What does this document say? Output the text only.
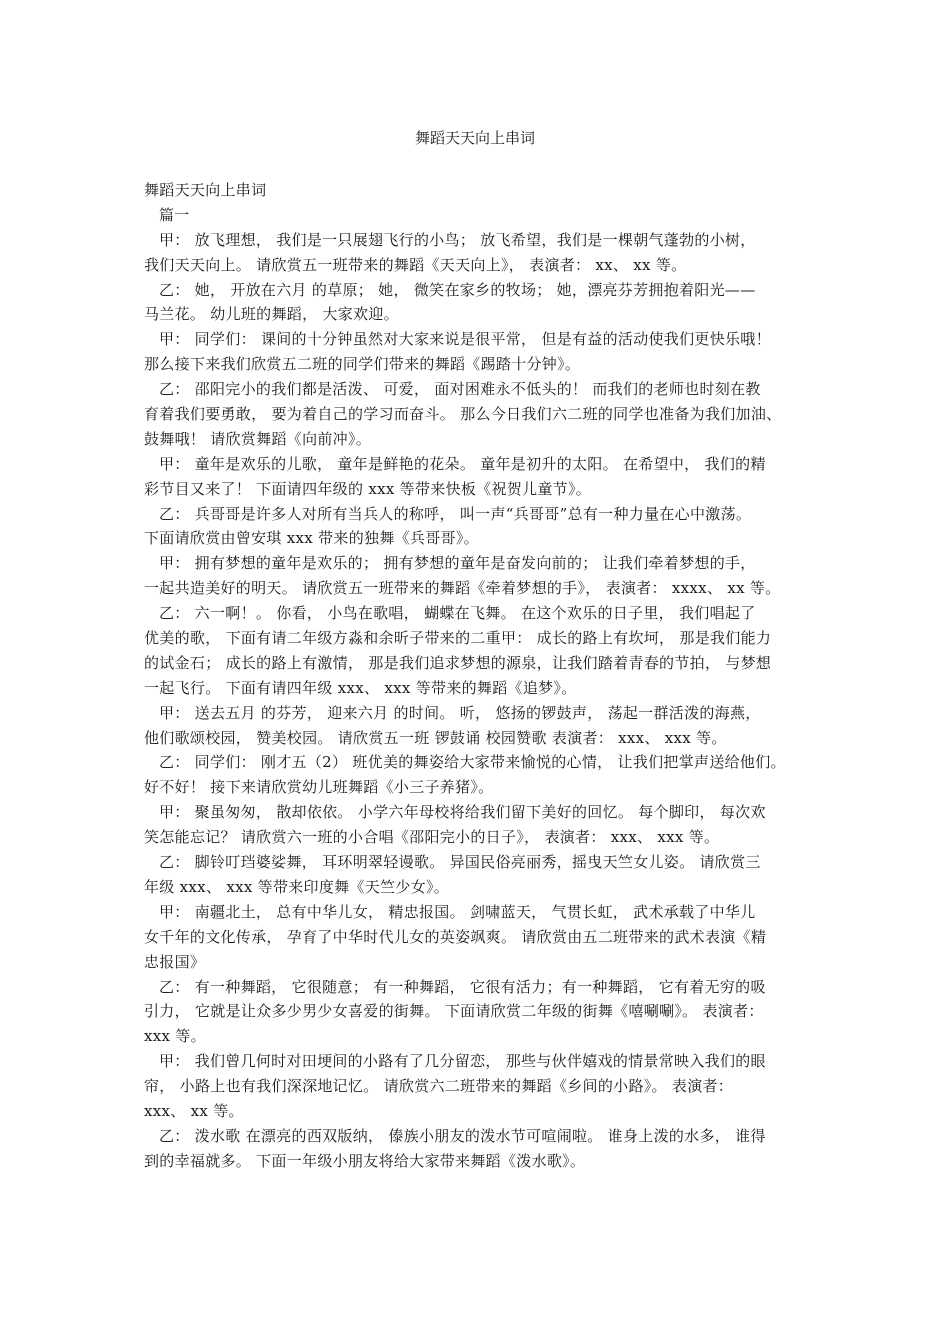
舞蹈天天向上串词
舞蹈天天向上串词
篇一
甲： 放飞理想， 我们是一只展翅飞行的小鸟； 放飞希望，我们是一棵朝气蓬勃的小树，
我们天天向上。 请欣赏五一班带来的舞蹈《天天向上》， 表演者： xx、 xx 等。
乙： 她， 开放在六月 的草原； 她， 微笑在家乡的牧场； 她，漂亮芬芳拥抱着阳光——
马兰花。 幼儿班的舞蹈， 大家欢迎。
甲： 同学们： 课间的十分钟虽然对大家来说是很平常， 但是有益的活动使我们更快乐哦！
那么接下来我们欣赏五二班的同学们带来的舞蹈《踢踏十分钟》。
乙： 邵阳完小的我们都是活泼、 可爱， 面对困难永不低头的！ 而我们的老师也时刻在教
育着我们要勇敢， 要为着自己的学习而奋斗。 那么今日我们六二班的同学也准备为我们加油、
鼓舞哦！ 请欣赏舞蹈《向前冲》。
甲： 童年是欢乐的儿歌， 童年是鲜艳的花朵。 童年是初升的太阳。 在希望中， 我们的精
彩节目又来了！ 下面请四年级的 xxx 等带来快板《祝贺儿童节》。
乙： 兵哥哥是许多人对所有当兵人的称呼， 叫一声“兵哥哥”总有一种力量在心中激荡。
下面请欣赏由曾安琪 xxx 带来的独舞《兵哥哥》。
甲： 拥有梦想的童年是欢乐的； 拥有梦想的童年是奋发向前的； 让我们牵着梦想的手，
一起共造美好的明天。 请欣赏五一班带来的舞蹈《牵着梦想的手》， 表演者： xxxx、 xx 等。
乙： 六一啊！。 你看， 小鸟在歌唱， 蝴蝶在飞舞。 在这个欢乐的日子里， 我们唱起了
优美的歌， 下面有请二年级方淼和余昕子带来的二重甲： 成长的路上有坎坷， 那是我们能力
的试金石； 成长的路上有激情， 那是我们追求梦想的源泉，让我们踏着青春的节拍， 与梦想
一起飞行。 下面有请四年级 xxx、 xxx 等带来的舞蹈《追梦》。
甲： 送去五月 的芬芳， 迎来六月 的时间。 听， 悠扬的锣鼓声， 荡起一群活泼的海燕，
他们歌颂校园， 赞美校园。 请欣赏五一班 锣鼓诵 校园赞歌 表演者： xxx、 xxx 等。
乙： 同学们： 刚才五（2） 班优美的舞姿给大家带来愉悦的心情， 让我们把掌声送给他们。
好不好！ 接下来请欣赏幼儿班舞蹈《小三子养猪》。
甲： 聚虽匆匆， 散却依依。 小学六年母校将给我们留下美好的回忆。 每个脚印， 每次欢
笑怎能忘记？ 请欣赏六一班的小合唱《邵阳完小的日子》， 表演者： xxx、 xxx 等。
乙： 脚铃叮珰婆娑舞， 耳环明翠轻谩歌。 异国民俗亮丽秀，摇曳天竺女儿姿。 请欣赏三
年级 xxx、 xxx 等带来印度舞《天竺少女》。
甲： 南疆北土， 总有中华儿女， 精忠报国。 剑啸蓝天， 气贯长虹， 武术承载了中华儿
女千年的文化传承， 孕育了中华时代儿女的英姿飒爽。 请欣赏由五二班带来的武术表演《精
忠报国》
乙： 有一种舞蹈， 它很随意； 有一种舞蹈， 它很有活力；有一种舞蹈， 它有着无穷的吸
引力， 它就是让众多少男少女喜爱的街舞。 下面请欣赏二年级的街舞《嘻唰唰》。 表演者：
xxx 等。
甲： 我们曾几何时对田埂间的小路有了几分留恋， 那些与伙伴嬉戏的情景常映入我们的眼
帘， 小路上也有我们深深地记忆。 请欣赏六二班带来的舞蹈《乡间的小路》。 表演者：
xxx、 xx 等。
乙： 泼水歌 在漂亮的西双版纳， 傣族小朋友的泼水节可喧闹啦。 谁身上泼的水多， 谁得
到的幸福就多。 下面一年级小朋友将给大家带来舞蹈《泼水歌》。
